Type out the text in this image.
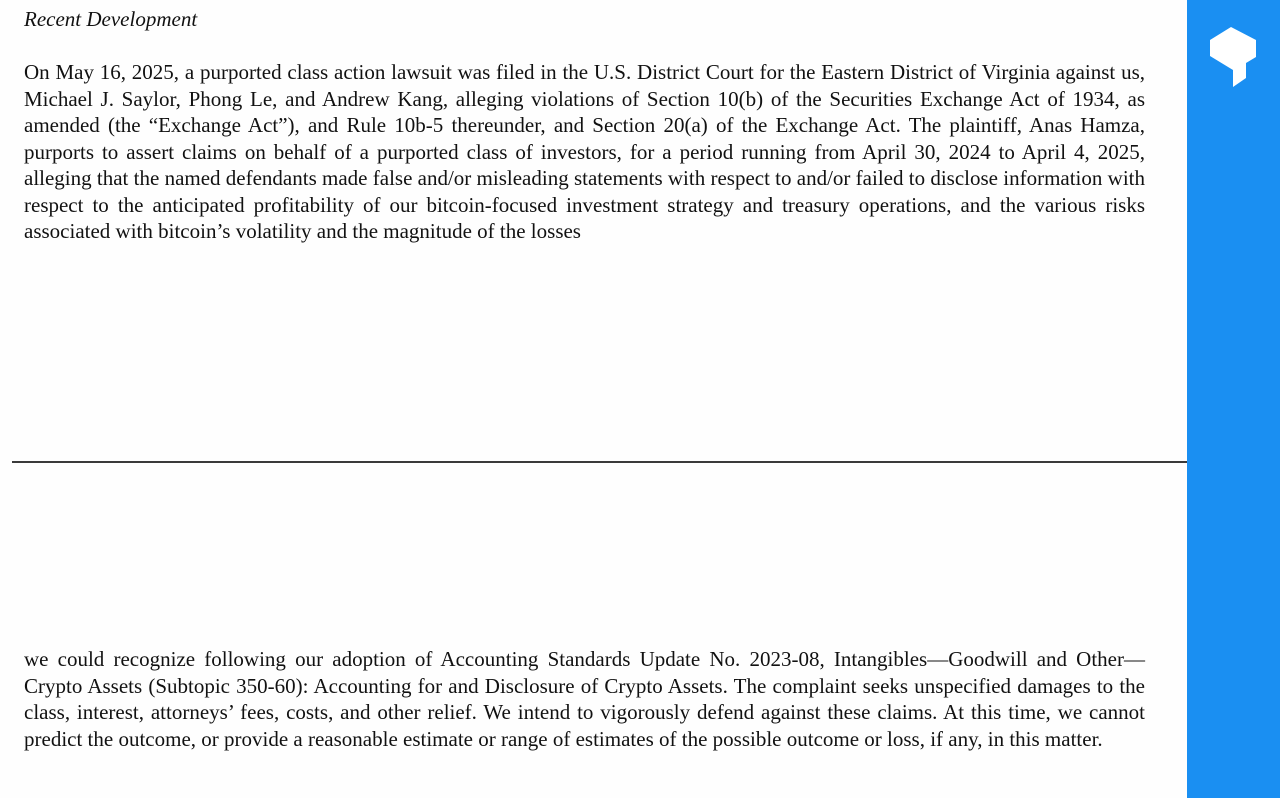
Recent Development

On May 16, 2025, a purported class action lawsuit was filed in the U.S. District Court for the Eastern District of Virginia against us, Michael J. Saylor, Phong Le, and Andrew Kang, alleging violations of Section 10(b) of the Securities Exchange Act of 1934, as amended (the “Exchange Act”), and Rule 10b-5 thereunder, and Section 20(a) of the Exchange Act. The plaintiff, Anas Hamza, purports to assert claims on behalf of a purported class of investors, for a period running from April 30, 2024 to April 4, 2025, alleging that the named defendants made false and/or misleading statements with respect to and/or failed to disclose information with respect to the anticipated profitability of our bitcoin-focused investment strategy and treasury operations, and the various risks associated with bitcoin’s volatility and the magnitude of the losses

we could recognize following our adoption of Accounting Standards Update No. 2023-08, Intangibles—Goodwill and Other—Crypto Assets (Subtopic 350-60): Accounting for and Disclosure of Crypto Assets. The complaint seeks unspecified damages to the class, interest, attorneys’ fees, costs, and other relief. We intend to vigorously defend against these claims. At this time, we cannot predict the outcome, or provide a reasonable estimate or range of estimates of the possible outcome or loss, if any, in this matter.
